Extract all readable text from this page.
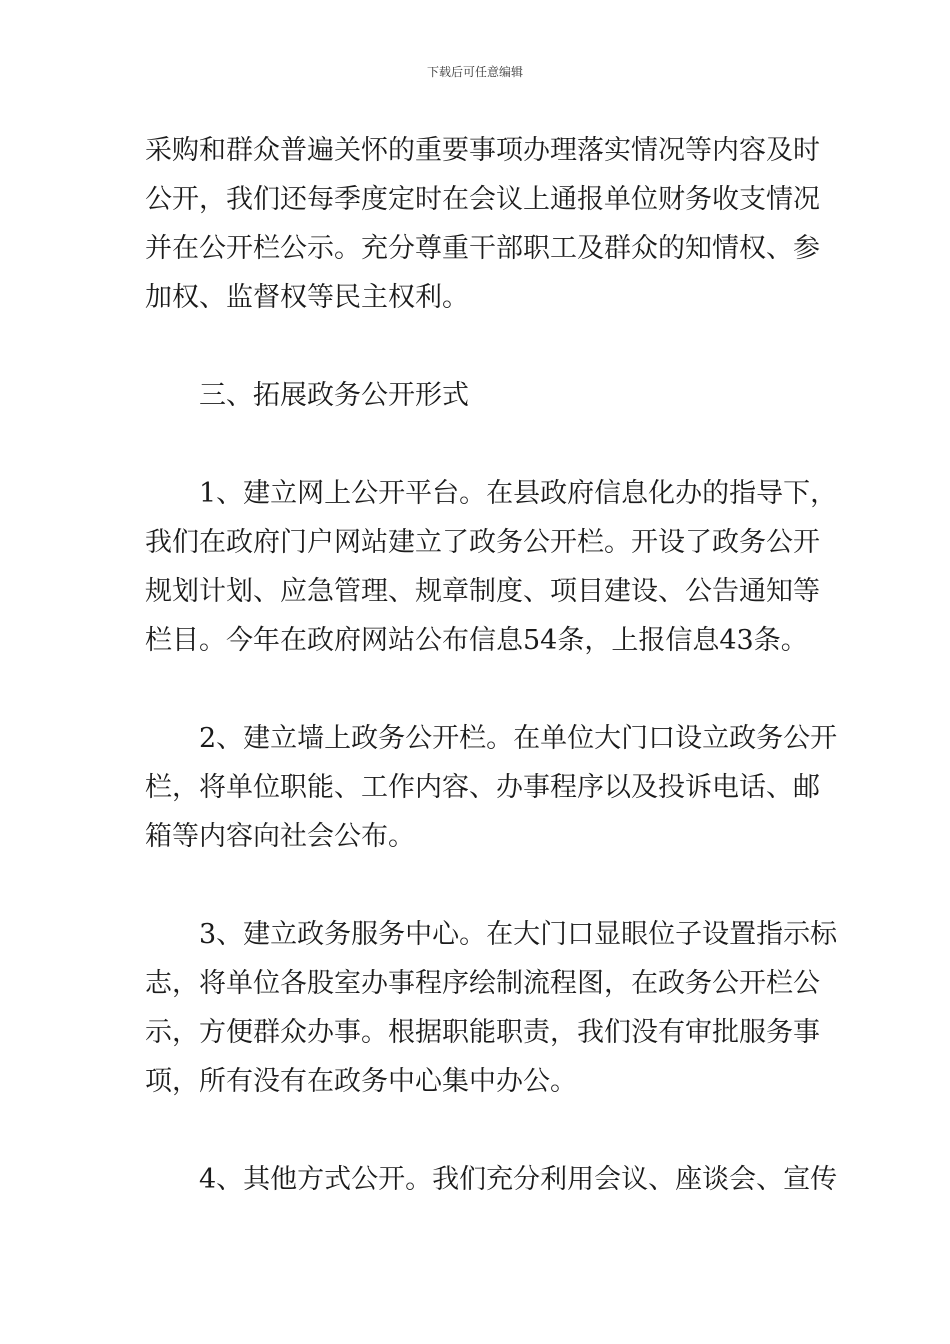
下载后可任意编辑
采购和群众普遍关怀的重要事项办理落实情况等内容及时
公开，我们还每季度定时在会议上通报单位财务收支情况
并在公开栏公示。充分尊重干部职工及群众的知情权、参
加权、监督权等民主权利。
三、拓展政务公开形式
1、建立网上公开平台。在县政府信息化办的指导下，
我们在政府门户网站建立了政务公开栏。开设了政务公开
规划计划、应急管理、规章制度、项目建设、公告通知等
栏目。今年在政府网站公布信息54条，上报信息43条。
2、建立墙上政务公开栏。在单位大门口设立政务公开
栏，将单位职能、工作内容、办事程序以及投诉电话、邮
箱等内容向社会公布。
3、建立政务服务中心。在大门口显眼位子设置指示标
志，将单位各股室办事程序绘制流程图，在政务公开栏公
示，方便群众办事。根据职能职责，我们没有审批服务事
项，所有没有在政务中心集中办公。
4、其他方式公开。我们充分利用会议、座谈会、宣传
